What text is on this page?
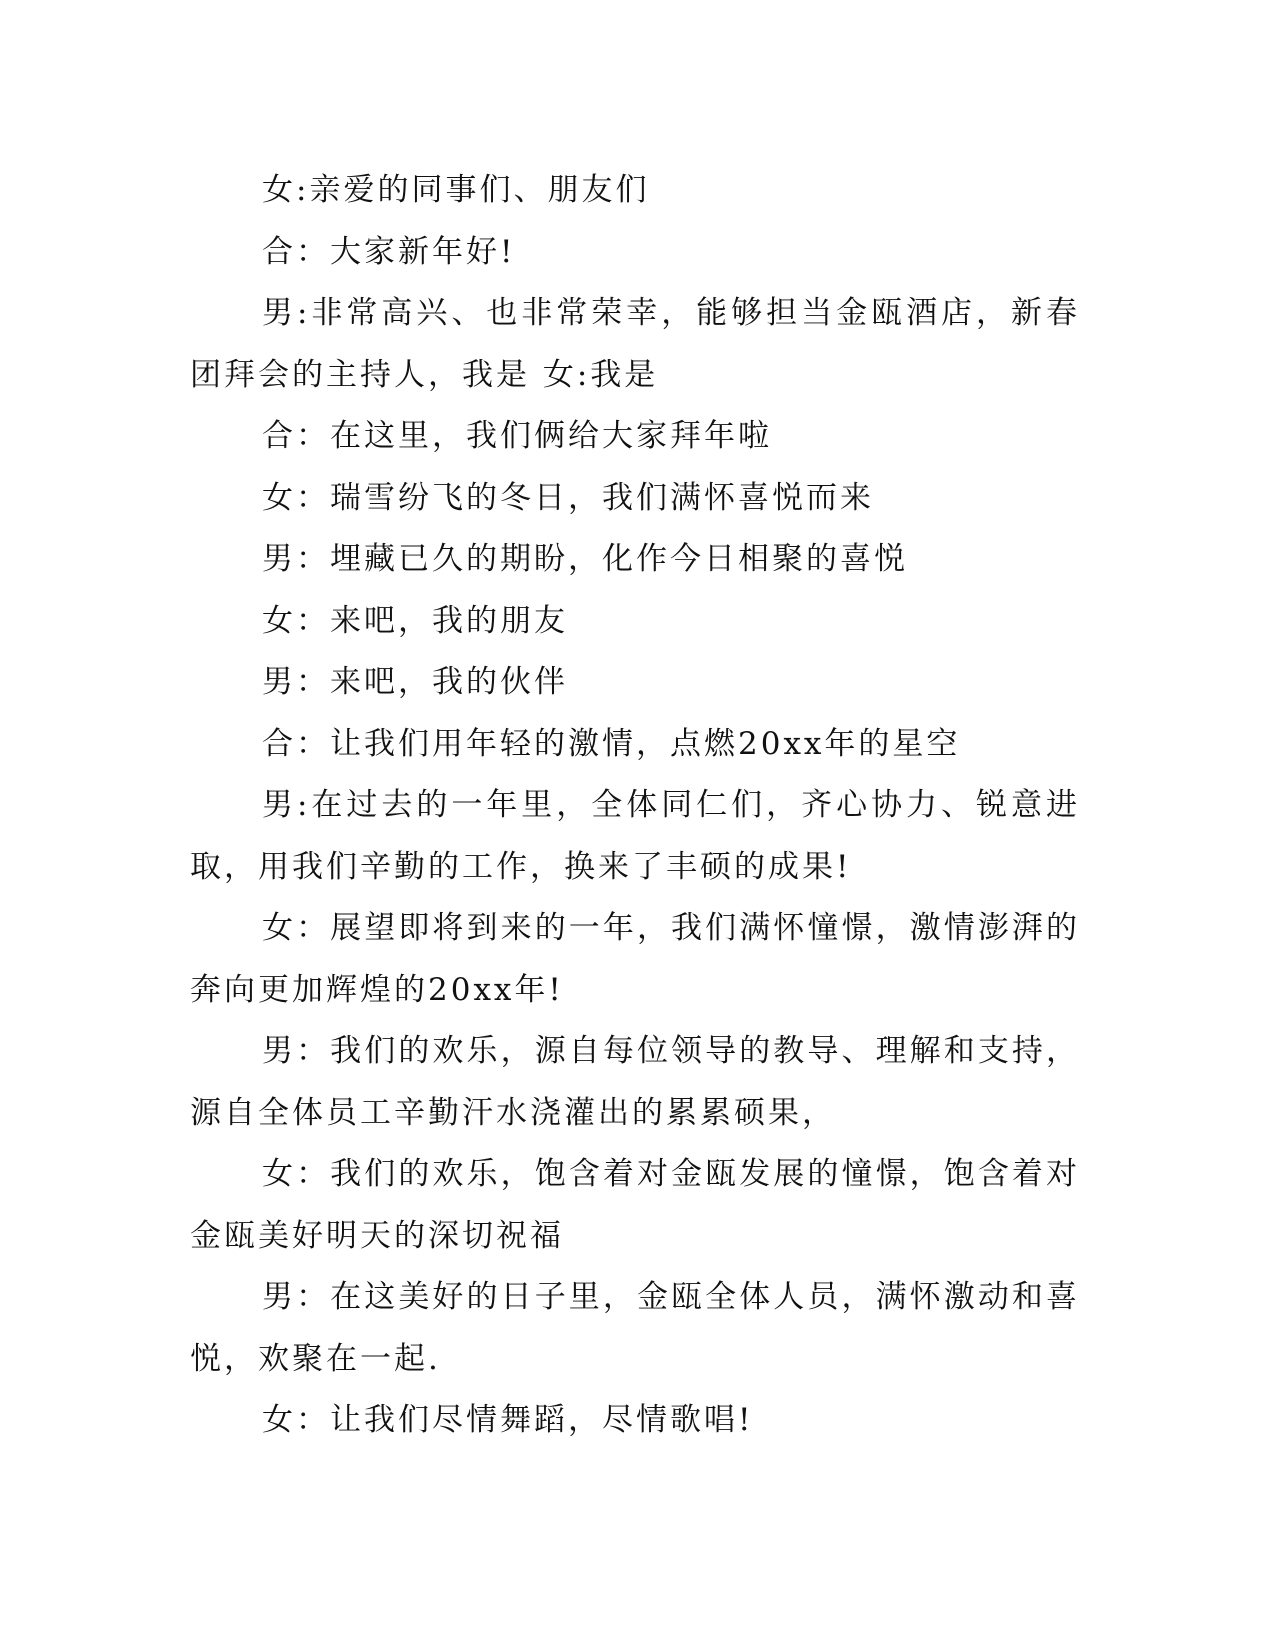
女:亲爱的同事们、朋友们

合：大家新年好!

男:非常高兴、也非常荣幸，能够担当金瓯酒店，新春团拜会的主持人，我是 女:我是

合：在这里，我们俩给大家拜年啦

女：瑞雪纷飞的冬日，我们满怀喜悦而来

男：埋藏已久的期盼，化作今日相聚的喜悦

女：来吧，我的朋友

男：来吧，我的伙伴

合：让我们用年轻的激情，点燃20xx年的星空

男:在过去的一年里，全体同仁们，齐心协力、锐意进取，用我们辛勤的工作，换来了丰硕的成果!

女：展望即将到来的一年，我们满怀憧憬，激情澎湃的奔向更加辉煌的20xx年!

男：我们的欢乐，源自每位领导的教导、理解和支持，源自全体员工辛勤汗水浇灌出的累累硕果，

女：我们的欢乐，饱含着对金瓯发展的憧憬，饱含着对金瓯美好明天的深切祝福

男：在这美好的日子里，金瓯全体人员，满怀激动和喜悦，欢聚在一起.

女：让我们尽情舞蹈，尽情歌唱!
